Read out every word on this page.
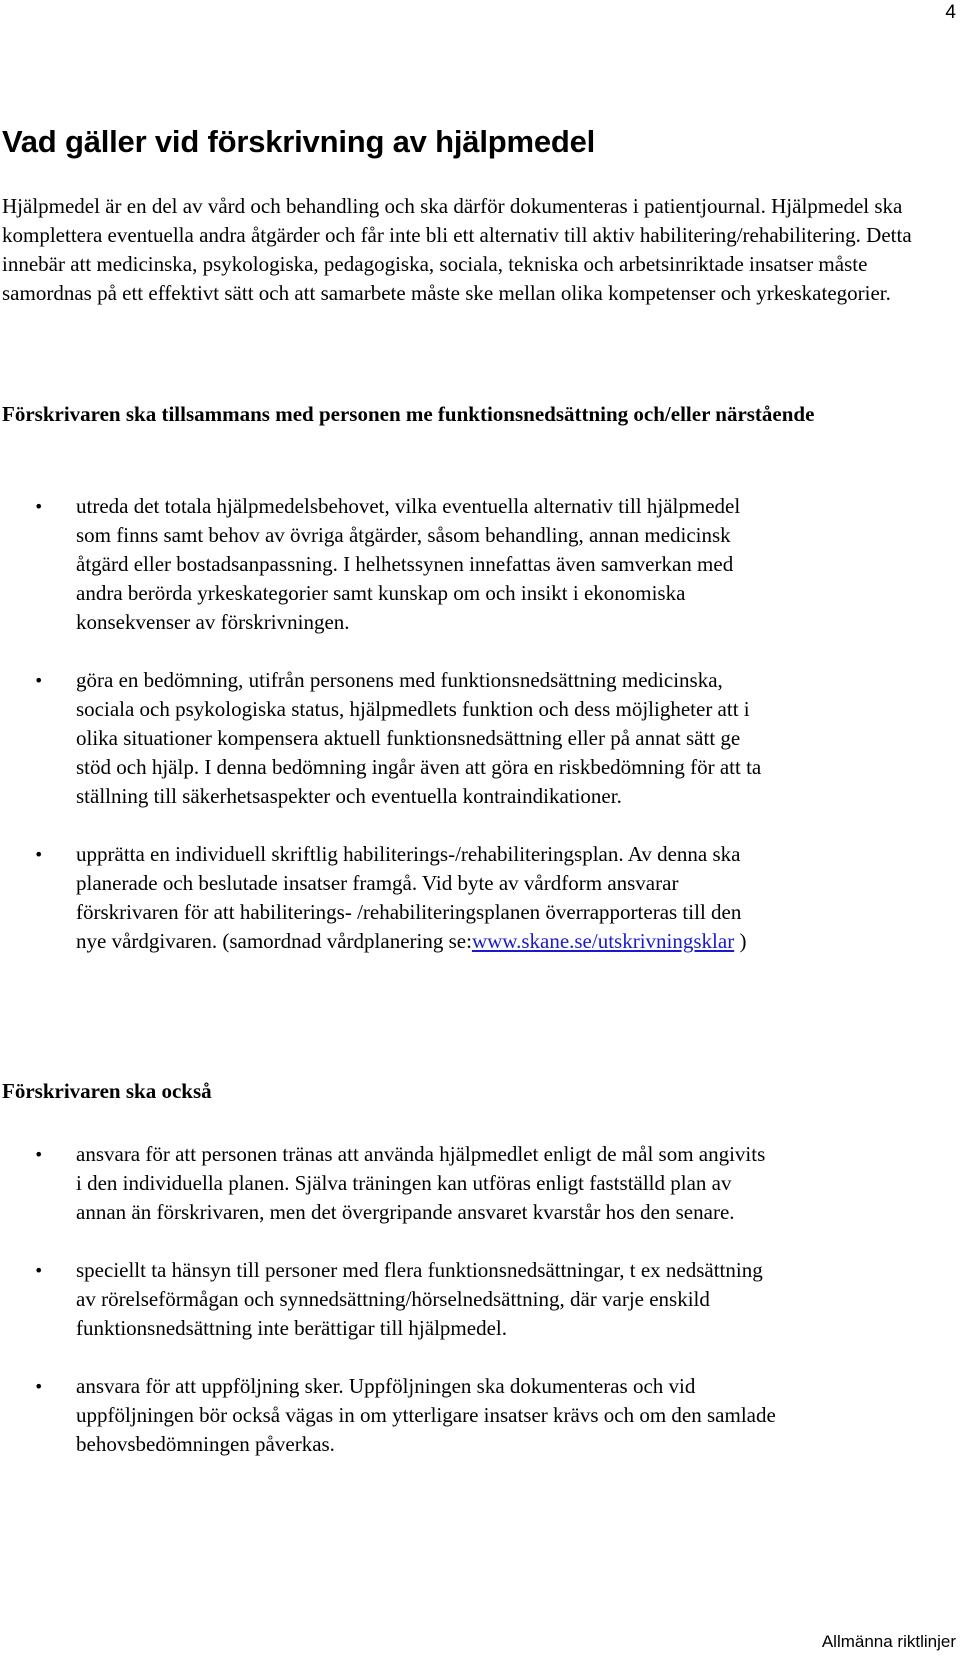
4
Vad gäller vid förskrivning av hjälpmedel

Hjälpmedel är en del av vård och behandling och ska därför dokumenteras i patientjournal. Hjälpmedel ska komplettera eventuella andra åtgärder och får inte bli ett alternativ till aktiv habilitering/rehabilitering. Detta innebär att medicinska, psykologiska, pedagogiska, sociala, tekniska och arbetsinriktade insatser måste samordnas på ett effektivt sätt och att samarbete måste ske mellan olika kompetenser och yrkeskategorier.

Förskrivaren ska tillsammans med personen me funktionsnedsättning och/eller närstående

• utreda det totala hjälpmedelsbehovet, vilka eventuella alternativ till hjälpmedel som finns samt behov av övriga åtgärder, såsom behandling, annan medicinsk åtgärd eller bostadsanpassning. I helhetssynen innefattas även samverkan med andra berörda yrkeskategorier samt kunskap om och insikt i ekonomiska konsekvenser av förskrivningen.
• göra en bedömning, utifrån personens med funktionsnedsättning medicinska, sociala och psykologiska status, hjälpmedlets funktion och dess möjligheter att i olika situationer kompensera aktuell funktionsnedsättning eller på annat sätt ge stöd och hjälp. I denna bedömning ingår även att göra en riskbedömning för att ta ställning till säkerhetsaspekter och eventuella kontraindikationer.
• upprätta en individuell skriftlig habiliterings-/rehabiliteringsplan. Av denna ska planerade och beslutade insatser framgå. Vid byte av vårdform ansvarar förskrivaren för att habiliterings- /rehabiliteringsplanen överrapporteras till den nye vårdgivaren. (samordnad vårdplanering se:www.skane.se/utskrivningsklar )

Förskrivaren ska också

• ansvara för att personen tränas att använda hjälpmedlet enligt de mål som angivits i den individuella planen. Själva träningen kan utföras enligt fastställd plan av annan än förskrivaren, men det övergripande ansvaret kvarstår hos den senare.
• speciellt ta hänsyn till personer med flera funktionsnedsättningar, t ex nedsättning av rörelseförmågan och synnedsättning/hörselnedsättning, där varje enskild funktionsnedsättning inte berättigar till hjälpmedel.
• ansvara för att uppföljning sker. Uppföljningen ska dokumenteras och vid uppföljningen bör också vägas in om ytterligare insatser krävs och om den samlade behovsbedömningen påverkas.
Allmänna riktlinjer
